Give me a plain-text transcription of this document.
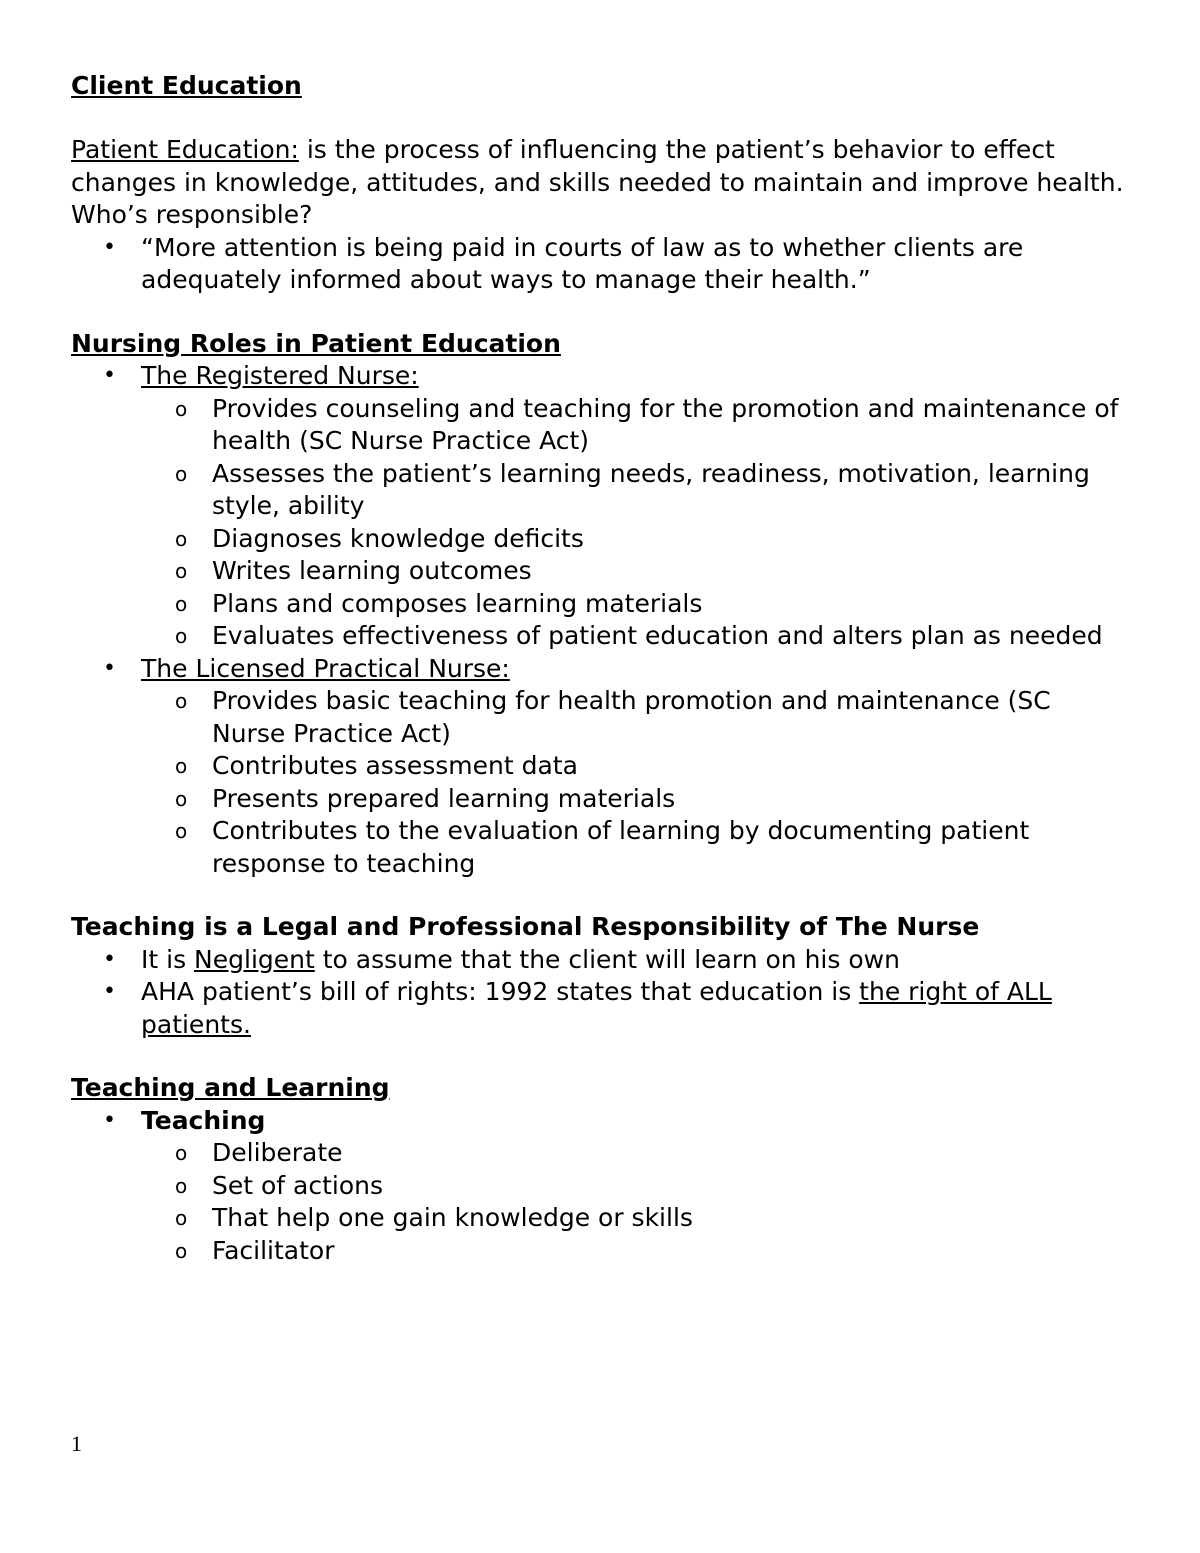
Client Education

Patient Education: is the process of influencing the patient’s behavior to effect changes in knowledge, attitudes, and skills needed to maintain and improve health.

Who’s responsible?

• “More attention is being paid in courts of law as to whether clients are adequately informed about ways to manage their health.”
Nursing Roles in Patient Education
• The Registered Nurse:
o Provides counseling and teaching for the promotion and maintenance of health (SC Nurse Practice Act)
o Assesses the patient’s learning needs, readiness, motivation, learning style, ability
o Diagnoses knowledge deficits
o Writes learning outcomes
o Plans and composes learning materials
o Evaluates effectiveness of patient education and alters plan as needed
• The Licensed Practical Nurse:
o Provides basic teaching for health promotion and maintenance (SC Nurse Practice Act)
o Contributes assessment data
o Presents prepared learning materials
o Contributes to the evaluation of learning by documenting patient response to teaching
Teaching is a Legal and Professional Responsibility of The Nurse
• It is Negligent to assume that the client will learn on his own
• AHA patient’s bill of rights: 1992 states that education is the right of ALL patients.
Teaching and Learning
• Teaching
o Deliberate
o Set of actions
o That help one gain knowledge or skills
o Facilitator
1
